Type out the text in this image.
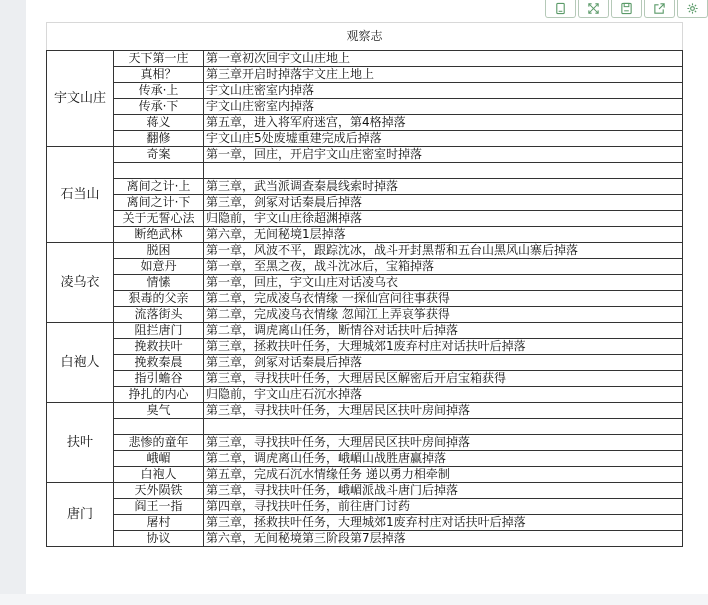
观察志
宇文山庄	天下第一庄	第一章初次回宇文山庄地上
	真相？	第三章开启时掉落宇文庄上地上
	传承·上	宇文山庄密室内掉落
	传承·下	宇文山庄密室内掉落
	蒋义	第五章，进入将军府迷宫，第4格掉落
	翻修	宇文山庄5处废墟重建完成后掉落
石当山	奇案	第一章，回庄，开启宇文山庄密室时掉落

	离间之计·上	第三章，武当派调查秦晨线索时掉落
	离间之计·下	第三章，剑冢对话秦晨后掉落
	关于无誓心法	归隐前，宇文山庄徐超渊掉落
	断绝武林	第六章，无间秘境1层掉落
凌乌衣	脱困	第一章，风波不平，跟踪沈冰，战斗开封黑帮和五台山黑风山寨后掉落
	如意丹	第一章，至黑之夜，战斗沈冰后，宝箱掉落
	情愫	第一章，回庄，宇文山庄对话凌乌衣
	狠毒的父亲	第二章，完成凌乌衣情缘 一探仙宫问往事获得
	流落街头	第二章，完成凌乌衣情缘 忽闻江上弄哀筝获得
白袍人	阻拦唐门	第二章，调虎离山任务，断情谷对话扶叶后掉落
	挽救扶叶	第三章，拯救扶叶任务，大理城郊1废弃村庄对话扶叶后掉落
	挽救秦晨	第三章，剑冢对话秦晨后掉落
	指引蟾谷	第三章，寻找扶叶任务，大理居民区解密后开启宝箱获得
	挣扎的内心	归隐前，宇文山庄石沉水掉落
扶叶	臭气	第三章，寻找扶叶任务，大理居民区扶叶房间掉落

	悲惨的童年	第三章，寻找扶叶任务，大理居民区扶叶房间掉落
	峨嵋	第二章，调虎离山任务，峨嵋山战胜唐赢掉落
	白袍人	第五章，完成石沉水情缘任务 递以勇力相牵制
唐门	天外陨铁	第三章，寻找扶叶任务，峨嵋派战斗唐门后掉落
	阎王一指	第四章，寻找扶叶任务，前往唐门讨药
	屠村	第三章，拯救扶叶任务，大理城郊1废弃村庄对话扶叶后掉落
	协议	第六章，无间秘境第三阶段第7层掉落
